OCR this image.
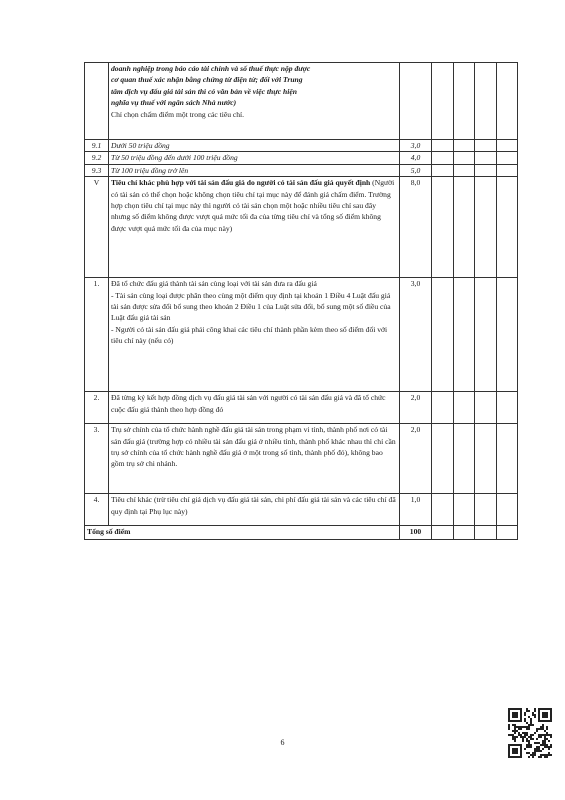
	doanh nghiệp trong báo cáo tài chính và số thuế thực nộp được

cơ quan thuế xác nhận bằng chứng từ điện tử; đối với Trung

tâm dịch vụ đấu giá tài sản thì có văn bản về việc thực hiện

nghĩa vụ thuế với ngân sách Nhà nước)

Chỉ chọn chấm điểm một trong các tiêu chí.					

9.1	Dưới 50 triệu đồng	3,0				
9.2	Từ 50 triệu đồng đến dưới 100 triệu đồng	4,0				
9.3	Từ 100 triệu đồng trở lên	5,0				
V	Tiêu chí khác phù hợp với tài sản đấu giá do người có tài sản đấu giá quyết định (Người có tài sản có thể chọn hoặc không chọn tiêu chí tại mục này để đánh giá chấm điểm. Trường hợp chọn tiêu chí tại mục này thì người có tài sản chọn một hoặc nhiều tiêu chí sau đây nhưng số điểm không được vượt quá mức tối đa của từng tiêu chí và tổng số điểm không được vượt quá mức tối đa của mục này)	8,0				
1.	Đã tổ chức đấu giá thành tài sản cùng loại với tài sản đưa ra đấu giá

- Tài sản cùng loại được phân theo cùng một điểm quy định tại khoản 1 Điều 4 Luật đấu giá tài sản được sửa đổi bổ sung theo khoản 2 Điều 1 của Luật sửa đổi, bổ sung một số điều của Luật đấu giá tài sản

- Người có tài sản đấu giá phải công khai các tiêu chí thành phần kèm theo số điểm đối với tiêu chí này (nếu có)	3,0				
2.	Đã từng ký kết hợp đồng dịch vụ đấu giá tài sản với người có tài sản đấu giá và đã tổ chức cuộc đấu giá thành theo hợp đồng đó	2,0				
3.	Trụ sở chính của tổ chức hành nghề đấu giá tài sản trong phạm vi tỉnh, thành phố nơi có tài sản đấu giá (trường hợp có nhiều tài sản đấu giá ở nhiều tỉnh, thành phố khác nhau thì chỉ cần trụ sở chính của tổ chức hành nghề đấu giá ở một trong số tỉnh, thành phố đó), không bao gồm trụ sở chi nhánh.	2,0				
4.	Tiêu chí khác (trừ tiêu chí giá dịch vụ đấu giá tài sản, chi phí đấu giá tài sản và các tiêu chí đã quy định tại Phụ lục này)	1,0				
Tổng số điểm		100				
6
